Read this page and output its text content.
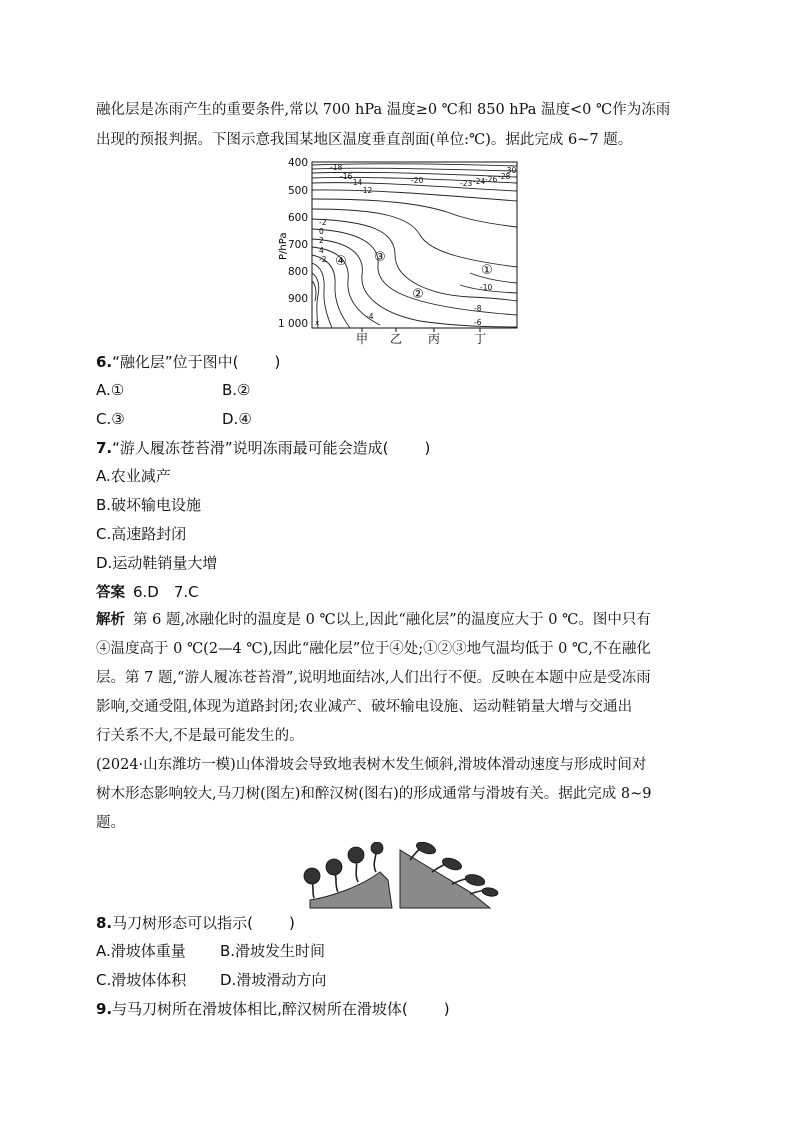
融化层是冻雨产生的重要条件,常以 700 hPa 温度≥0 ℃和 850 hPa 温度<0 ℃作为冻雨
出现的预报判据。下图示意我国某地区温度垂直剖面(单位:℃)。据此完成 6~7 题。
P/hPa
400
500
600
700
800
900
1 000
甲 乙 丙	丁
-30
-28
-26
-24
-23
-20
-18
-16
-14
-12
-10
-8
-6
-4
-2
0
2
4
-2
①
②
③
④
x
6.“融化层”位于图中( )
A.①	B.②
C.③	D.④
7.“游人履冻苍苔滑”说明冻雨最可能会造成( )
A.农业减产
B.破坏输电设施
C.高速路封闭
D.运动鞋销量大增
答案 6.D　7.C
解析 第 6 题,冰融化时的温度是 0 ℃以上,因此“融化层”的温度应大于 0 ℃。图中只有
④温度高于 0 ℃(2—4 ℃),因此“融化层”位于④处;①②③地气温均低于 0 ℃,不在融化
层。第 7 题,“游人履冻苍苔滑”,说明地面结冰,人们出行不便。反映在本题中应是受冻雨
影响,交通受阻,体现为道路封闭;农业减产、破坏输电设施、运动鞋销量大增与交通出
行关系不大,不是最可能发生的。
(2024·山东潍坊一模)山体滑坡会导致地表树木发生倾斜,滑坡体滑动速度与形成时间对
树木形态影响较大,马刀树(图左)和醉汉树(图右)的形成通常与滑坡有关。据此完成 8~9
题。
8.马刀树形态可以指示( )
A.滑坡体重量 B.滑坡发生时间
C.滑坡体体积 D.滑坡滑动方向
9.与马刀树所在滑坡体相比,醉汉树所在滑坡体( )
